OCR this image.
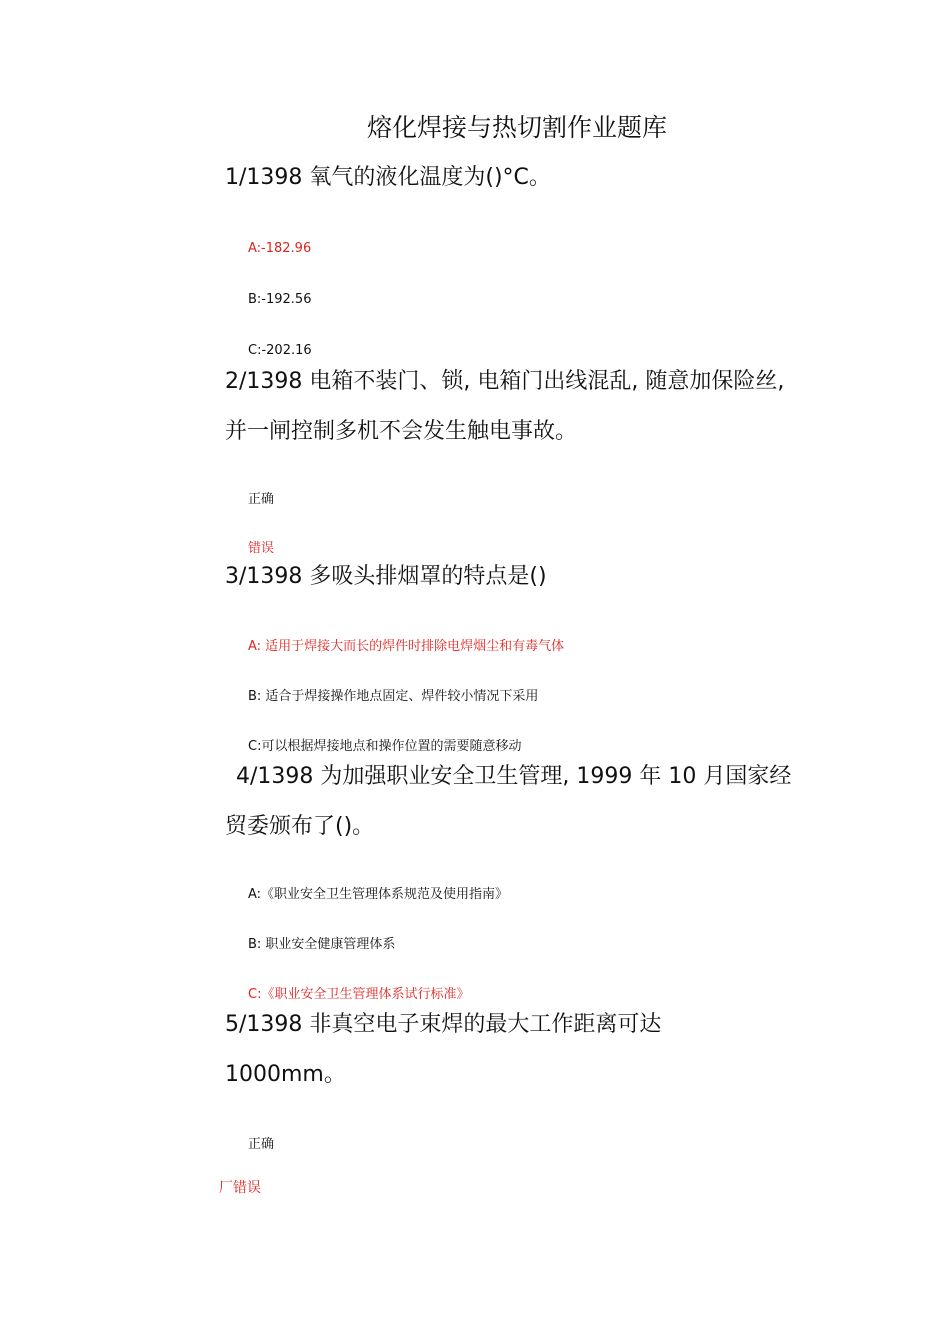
熔化焊接与热切割作业题库
1/1398 氧气的液化温度为()°C。
A:-182.96
B:-192.56
C:-202.16
2/1398 电箱不装门、锁, 电箱门出线混乱, 随意加保险丝,
并一闸控制多机不会发生触电事故。
正确
错误
3/1398 多吸头排烟罩的特点是()
A: 适用于焊接大而长的焊件时排除电焊烟尘和有毒气体
B: 适合于焊接操作地点固定、焊件较小情况下采用
C:可以根据焊接地点和操作位置的需要随意移动
4/1398 为加强职业安全卫生管理, 1999 年 10 月国家经
贸委颁布了()。
A:《职业安全卫生管理体系规范及使用指南》
B: 职业安全健康管理体系
C:《职业安全卫生管理体系试行标准》
5/1398 非真空电子束焊的最大工作距离可达
1000mm。
正确
厂错误
